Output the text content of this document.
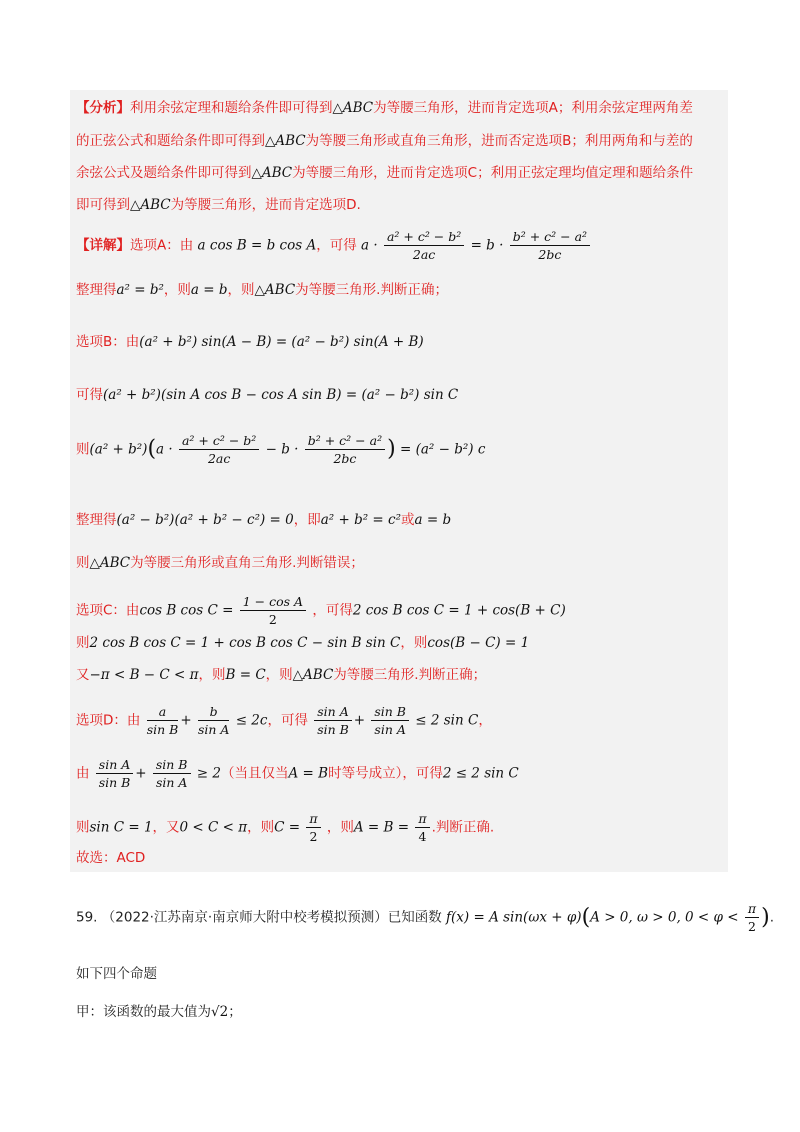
【分析】利用余弦定理和题给条件即可得到△ABC为等腰三角形，进而肯定选项A；利用余弦定理两角差
的正弦公式和题给条件即可得到△ABC为等腰三角形或直角三角形，进而否定选项B；利用两角和与差的
余弦公式及题给条件即可得到△ABC为等腰三角形，进而肯定选项C；利用正弦定理均值定理和题给条件
即可得到△ABC为等腰三角形，进而肯定选项D.
【详解】选项A：由 a cos B = b cos A，可得 $a \cdot \frac{\text{a² + c² − b²}}{2ac} = b \cdot \frac{\text{b² + c² − a²}}{2bc}$
整理得a² = b²，则a = b，则△ABC为等腰三角形.判断正确；
选项B：由(a² + b²) sin(A − B) = (a² − b²) sin(A + B)
可得(a² + b²)(sin A cos B − cos A sin B) = (a² − b²) sin C
则$(a^2 + b^2)(a \cdot \frac{\text{a² + c² − b²}}{2ac} - b \cdot \frac{\text{b² + c² − a²}}{2bc}$ ) = (a² − b²) c
整理得(a² − b²)(a² + b² − c²) = 0，即a² + b² = c²或a = b
则△ABC为等腰三角形或直角三角形.判断错误；
选项C：由cos B $\cos C = \frac{\text{1 − cos A}}{2}$ ，可得2 cos B cos C = 1 + cos(B + C)
则2 cos B cos C = 1 + cos B cos C − sin B sin C，则cos(B − C) = 1
又−π < B − C < π，则B = C，则△ABC为等腰三角形.判断正确；
选项D：由 $\frac{a}{\text{sin B}} + \frac{b}{\text{sin A}} \le 2c$，可得 $\frac{\text{sin A}}{\text{sin B}} + \frac{\text{sin B}}{\text{sin A}} \le 2$ sin C，
由 $\frac{\text{sin A}}{\text{sin B}} + \frac{\text{sin B}}{\text{sin A}} \ge 2$（当且仅当A = B时等号成立），可得2 ≤ 2 sin C
则sin C = 1，又0 < C < π，则$C = \frac{\pi}{2}$ ，则$A = B = \frac{\pi}{4}$ .判断正确.
故选：ACD
59. （2022·江苏南京·南京师大附中校考模拟预测）已知函数 f(x) = A sin(ωx + φ)(A > 0, ω > 0, $0 < \varphi < \frac{\pi}{2}$ ).
如下四个命题
甲：该函数的最大值为√2；
